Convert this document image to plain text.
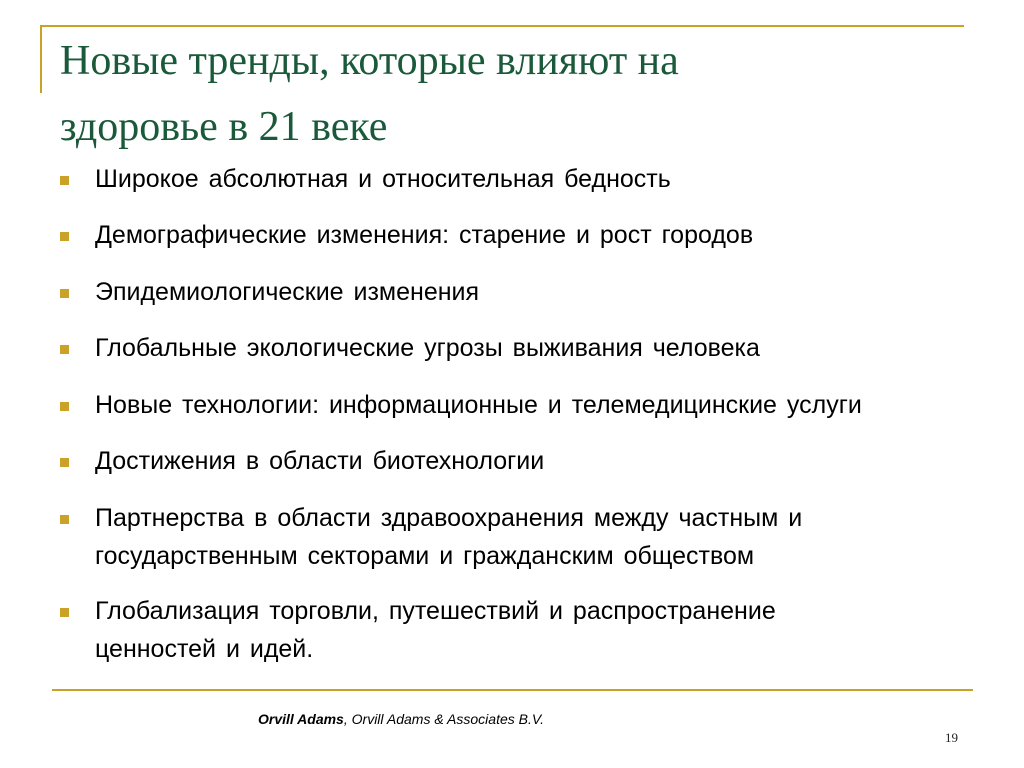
Новые тренды, которые влияют на
здоровье в 21 веке
Широкое абсолютная и относительная бедность
Демографические изменения: старение и рост городов
Эпидемиологические изменения
Глобальные экологические угрозы выживания человека
Новые технологии: информационные и телемедицинские услуги
Достижения в области биотехнологии
Партнерства в области здравоохранения между частным и
государственным секторами и гражданским обществом
Глобализация торговли, путешествий и распространение
ценностей и идей.
Orvill Adams, Orvill Adams & Associates B.V.
19
